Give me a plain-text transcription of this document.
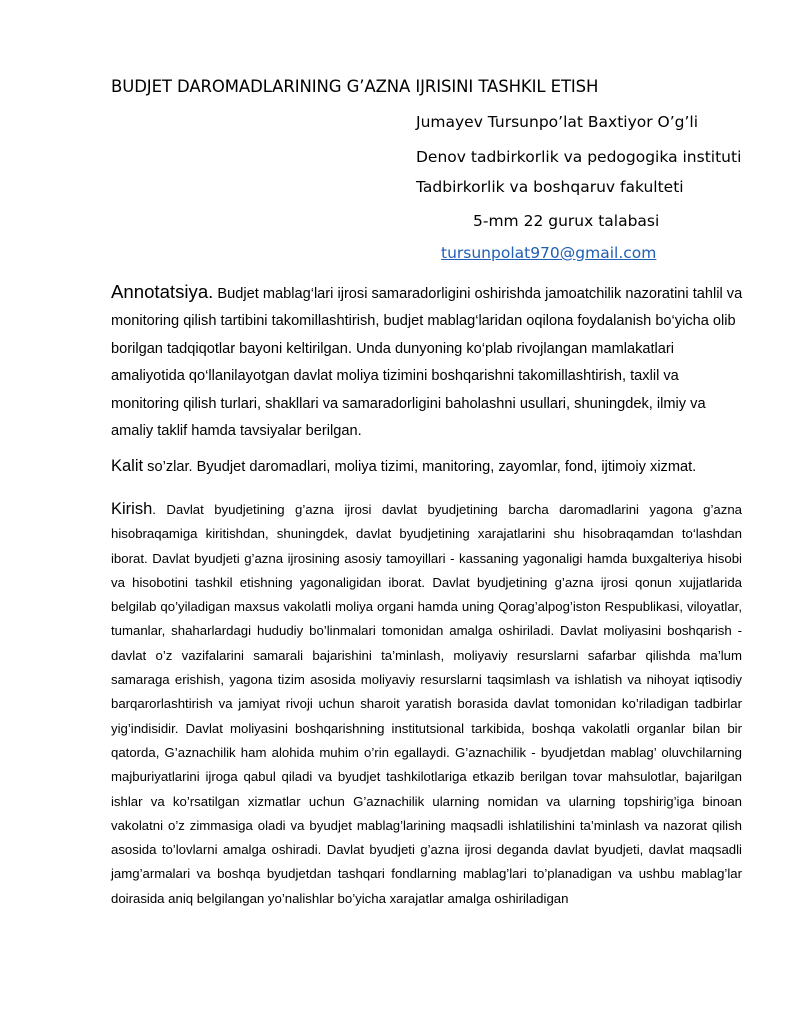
BUDJET DAROMADLARINING G’AZNA IJRISINI TASHKIL ETISH
Jumayev Tursunpo’lat Baxtiyor O’g’li
Denov tadbirkorlik va pedogogika instituti
Tadbirkorlik va boshqaruv fakulteti
5-mm 22 gurux talabasi
tursunpolat970@gmail.com

Annotatsiya. Budjet mablag‘lari ijrosi samaradorligini oshirishda jamoatchilik nazoratini tahlil va monitoring qilish tartibini takomillashtirish, budjet mablag‘laridan oqilona foydalanish bo‘yicha olib borilgan tadqiqotlar bayoni keltirilgan. Unda dunyoning ko‘plab rivojlangan mamlakatlari amaliyotida qo‘llanilayotgan davlat moliya tizimini boshqarishni takomillashtirish, taxlil va monitoring qilish turlari, shakllari va samaradorligini baholashni usullari, shuningdek, ilmiy va amaliy taklif hamda tavsiyalar berilgan.

Kalit so’zlar. Byudjet daromadlari, moliya tizimi, manitoring, zayomlar, fond, ijtimoiy xizmat.

Kirish. Davlat byudjetining g’azna ijrosi davlat byudjetining barcha daromadlarini yagona g’azna hisobraqamiga kiritishdan, shuningdek, davlat byudjetining xarajatlarini shu hisobraqamdan to‘lashdan iborat. Davlat byudjeti g’azna ijrosining asosiy tamoyillari - kassaning yagonaligi hamda buxgalteriya hisobi va hisobotini tashkil etishning yagonaligidan iborat. Davlat byudjetining g’azna ijrosi qonun xujjatlarida belgilab qo’yiladigan maxsus vakolatli moliya organi hamda uning Qorag’alpog’iston Respublikasi, viloyatlar, tumanlar, shaharlardagi hududiy bo’linmalari tomonidan amalga oshiriladi. Davlat moliyasini boshqarish - davlat o’z vazifalarini samarali bajarishini ta’minlash, moliyaviy resurslarni safarbar qilishda ma’lum samaraga erishish, yagona tizim asosida moliyaviy resurslarni taqsimlash va ishlatish va nihoyat iqtisodiy barqarorlashtirish va jamiyat rivoji uchun sharoit yaratish borasida davlat tomonidan ko’riladigan tadbirlar yig’indisidir. Davlat moliyasini boshqarishning institutsional tarkibida, boshqa vakolatli organlar bilan bir qatorda, G’aznachilik ham alohida muhim o’rin egallaydi. G’aznachilik - byudjetdan mablag’ oluvchilarning majburiyatlarini ijroga qabul qiladi va byudjet tashkilotlariga etkazib berilgan tovar mahsulotlar, bajarilgan ishlar va ko’rsatilgan xizmatlar uchun G’aznachilik ularning nomidan va ularning topshirig’iga binoan vakolatni o’z zimmasiga oladi va byudjet mablag’larining maqsadli ishlatilishini ta’minlash va nazorat qilish asosida to’lovlarni amalga oshiradi. Davlat byudjeti g’azna ijrosi deganda davlat byudjeti, davlat maqsadli jamg’armalari va boshqa byudjetdan tashqari fondlarning mablag’lari to’planadigan va ushbu mablag’lar doirasida aniq belgilangan yo’nalishlar bo’yicha xarajatlar amalga oshiriladigan
